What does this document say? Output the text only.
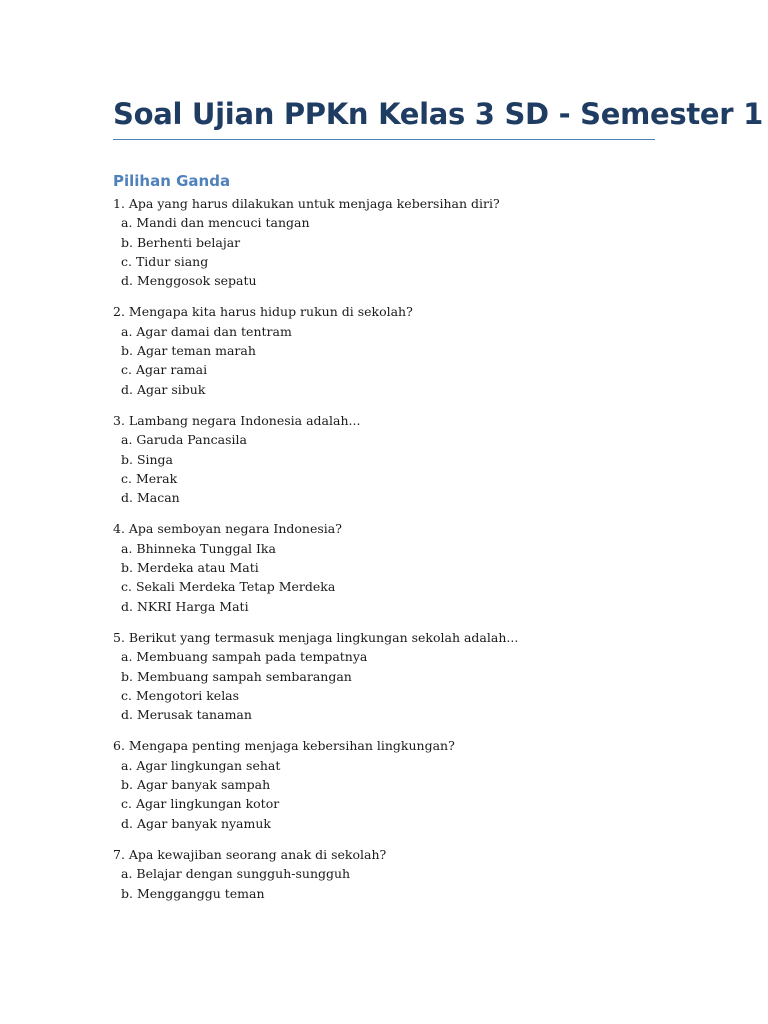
Soal Ujian PPKn Kelas 3 SD - Semester 1
Pilihan Ganda
1. Apa yang harus dilakukan untuk menjaga kebersihan diri?
a. Mandi dan mencuci tangan
b. Berhenti belajar
c. Tidur siang
d. Menggosok sepatu
2. Mengapa kita harus hidup rukun di sekolah?
a. Agar damai dan tentram
b. Agar teman marah
c. Agar ramai
d. Agar sibuk
3. Lambang negara Indonesia adalah...
a. Garuda Pancasila
b. Singa
c. Merak
d. Macan
4. Apa semboyan negara Indonesia?
a. Bhinneka Tunggal Ika
b. Merdeka atau Mati
c. Sekali Merdeka Tetap Merdeka
d. NKRI Harga Mati
5. Berikut yang termasuk menjaga lingkungan sekolah adalah...
a. Membuang sampah pada tempatnya
b. Membuang sampah sembarangan
c. Mengotori kelas
d. Merusak tanaman
6. Mengapa penting menjaga kebersihan lingkungan?
a. Agar lingkungan sehat
b. Agar banyak sampah
c. Agar lingkungan kotor
d. Agar banyak nyamuk
7. Apa kewajiban seorang anak di sekolah?
a. Belajar dengan sungguh-sungguh
b. Mengganggu teman
